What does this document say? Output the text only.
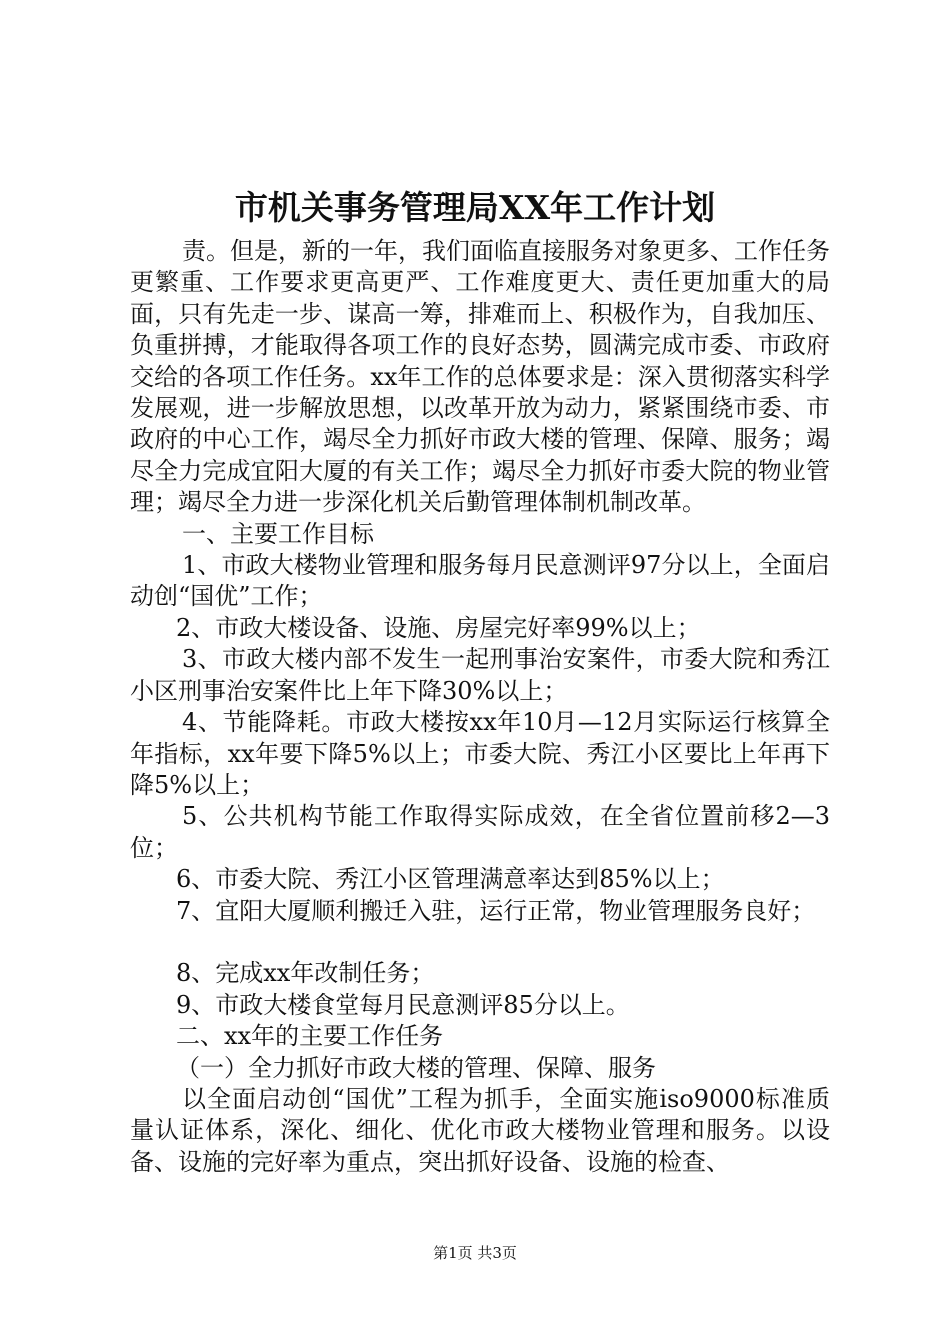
市机关事务管理局XX年工作计划

责。但是，新的一年，我们面临直接服务对象更多、工作任务更繁重、工作要求更高更严、工作难度更大、责任更加重大的局面，只有先走一步、谋高一筹，排难而上、积极作为，自我加压、负重拼搏，才能取得各项工作的良好态势，圆满完成市委、市政府交给的各项工作任务。xx年工作的总体要求是：深入贯彻落实科学发展观，进一步解放思想，以改革开放为动力，紧紧围绕市委、市政府的中心工作，竭尽全力抓好市政大楼的管理、保障、服务；竭尽全力完成宜阳大厦的有关工作；竭尽全力抓好市委大院的物业管理；竭尽全力进一步深化机关后勤管理体制机制改革。

一、主要工作目标

1、市政大楼物业管理和服务每月民意测评97分以上，全面启动创“国优”工作；

2、市政大楼设备、设施、房屋完好率99%以上；

3、市政大楼内部不发生一起刑事治安案件，市委大院和秀江小区刑事治安案件比上年下降30%以上；

4、节能降耗。市政大楼按xx年10月—12月实际运行核算全年指标，xx年要下降5%以上；市委大院、秀江小区要比上年再下降5%以上；

5、公共机构节能工作取得实际成效，在全省位置前移2—3位；

6、市委大院、秀江小区管理满意率达到85%以上；

7、宜阳大厦顺利搬迁入驻，运行正常，物业管理服务良好；

8、完成xx年改制任务；

9、市政大楼食堂每月民意测评85分以上。

二、xx年的主要工作任务

（一）全力抓好市政大楼的管理、保障、服务

以全面启动创“国优”工程为抓手，全面实施iso9000标准质量认证体系，深化、细化、优化市政大楼物业管理和服务。以设备、设施的完好率为重点，突出抓好设备、设施的检查、

第1页 共3页
